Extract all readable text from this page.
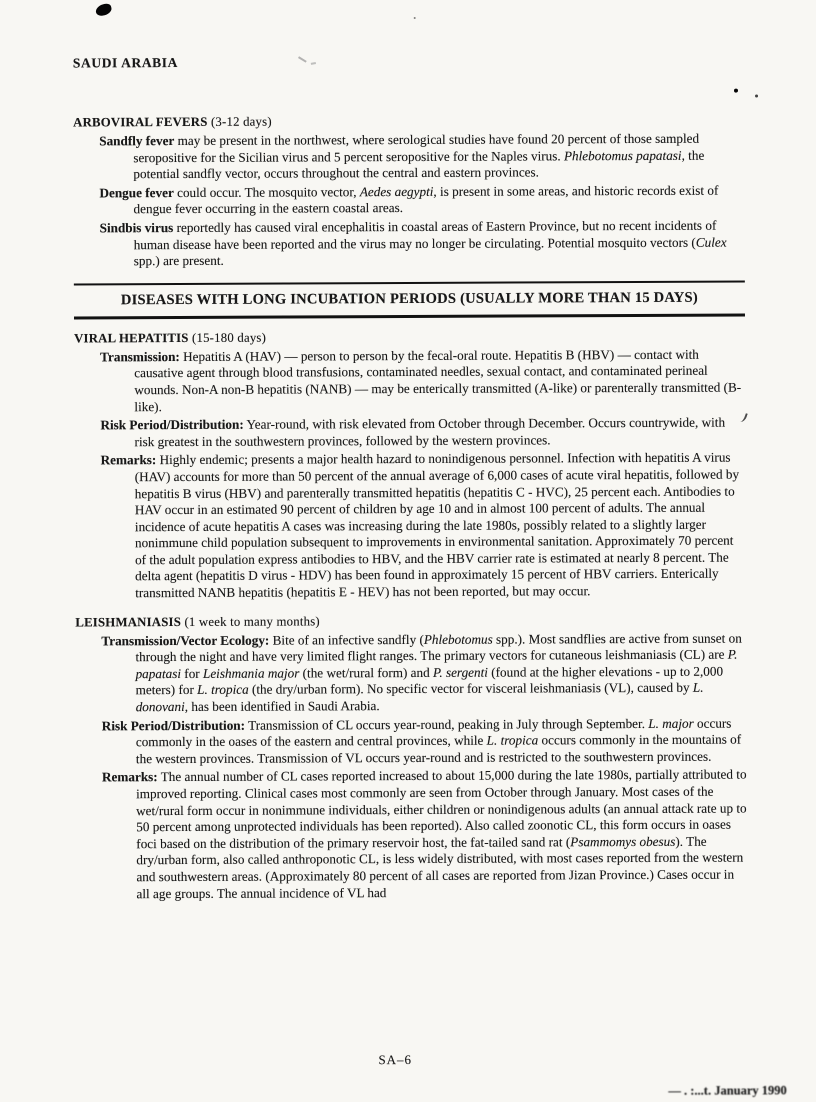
SAUDI ARABIA
ARBOVIRAL FEVERS (3-12 days)

Sandfly fever may be present in the northwest, where serological studies have found 20 percent of those sampled seropositive for the Sicilian virus and 5 percent seropositive for the Naples virus. Phlebotomus papatasi, the potential sandfly vector, occurs throughout the central and eastern provinces.

Dengue fever could occur. The mosquito vector, Aedes aegypti, is present in some areas, and historic records exist of dengue fever occurring in the eastern coastal areas.

Sindbis virus reportedly has caused viral encephalitis in coastal areas of Eastern Province, but no recent incidents of human disease have been reported and the virus may no longer be circulating. Potential mosquito vectors (Culex spp.) are present.

DISEASES WITH LONG INCUBATION PERIODS (USUALLY MORE THAN 15 DAYS)
VIRAL HEPATITIS (15-180 days)

Transmission: Hepatitis A (HAV) — person to person by the fecal-oral route. Hepatitis B (HBV) — contact with causative agent through blood transfusions, contaminated needles, sexual contact, and contaminated perineal wounds. Non-A non-B hepatitis (NANB) — may be enterically transmitted (A-like) or parenterally transmitted (B-like).

Risk Period/Distribution: Year-round, with risk elevated from October through December. Occurs countrywide, with risk greatest in the southwestern provinces, followed by the western provinces.

Remarks: Highly endemic; presents a major health hazard to nonindigenous personnel. Infection with hepatitis A virus (HAV) accounts for more than 50 percent of the annual average of 6,000 cases of acute viral hepatitis, followed by hepatitis B virus (HBV) and parenterally transmitted hepatitis (hepatitis C - HVC), 25 percent each. Antibodies to HAV occur in an estimated 90 percent of children by age 10 and in almost 100 percent of adults. The annual incidence of acute hepatitis A cases was increasing during the late 1980s, possibly related to a slightly larger nonimmune child population subsequent to improvements in environmental sanitation. Approximately 70 percent of the adult population express antibodies to HBV, and the HBV carrier rate is estimated at nearly 8 percent. The delta agent (hepatitis D virus - HDV) has been found in approximately 15 percent of HBV carriers. Enterically transmitted NANB hepatitis (hepatitis E - HEV) has not been reported, but may occur.

LEISHMANIASIS (1 week to many months)

Transmission/Vector Ecology: Bite of an infective sandfly (Phlebotomus spp.). Most sandflies are active from sunset on through the night and have very limited flight ranges. The primary vectors for cutaneous leishmaniasis (CL) are P. papatasi for Leishmania major (the wet/rural form) and P. sergenti (found at the higher elevations - up to 2,000 meters) for L. tropica (the dry/urban form). No specific vector for visceral leishmaniasis (VL), caused by L. donovani, has been identified in Saudi Arabia.

Risk Period/Distribution: Transmission of CL occurs year-round, peaking in July through September. L. major occurs commonly in the oases of the eastern and central provinces, while L. tropica occurs commonly in the mountains of the western provinces. Transmission of VL occurs year-round and is restricted to the southwestern provinces.

Remarks: The annual number of CL cases reported increased to about 15,000 during the late 1980s, partially attributed to improved reporting. Clinical cases most commonly are seen from October through January. Most cases of the wet/rural form occur in nonimmune individuals, either children or nonindigenous adults (an annual attack rate up to 50 percent among unprotected individuals has been reported). Also called zoonotic CL, this form occurs in oases foci based on the distribution of the primary reservoir host, the fat-tailed sand rat (Psammomys obesus). The dry/urban form, also called anthroponotic CL, is less widely distributed, with most cases reported from the western and southwestern areas. (Approximately 80 percent of all cases are reported from Jizan Province.) Cases occur in all age groups. The annual incidence of VL had

SA–6
— . :...t. January 1990
